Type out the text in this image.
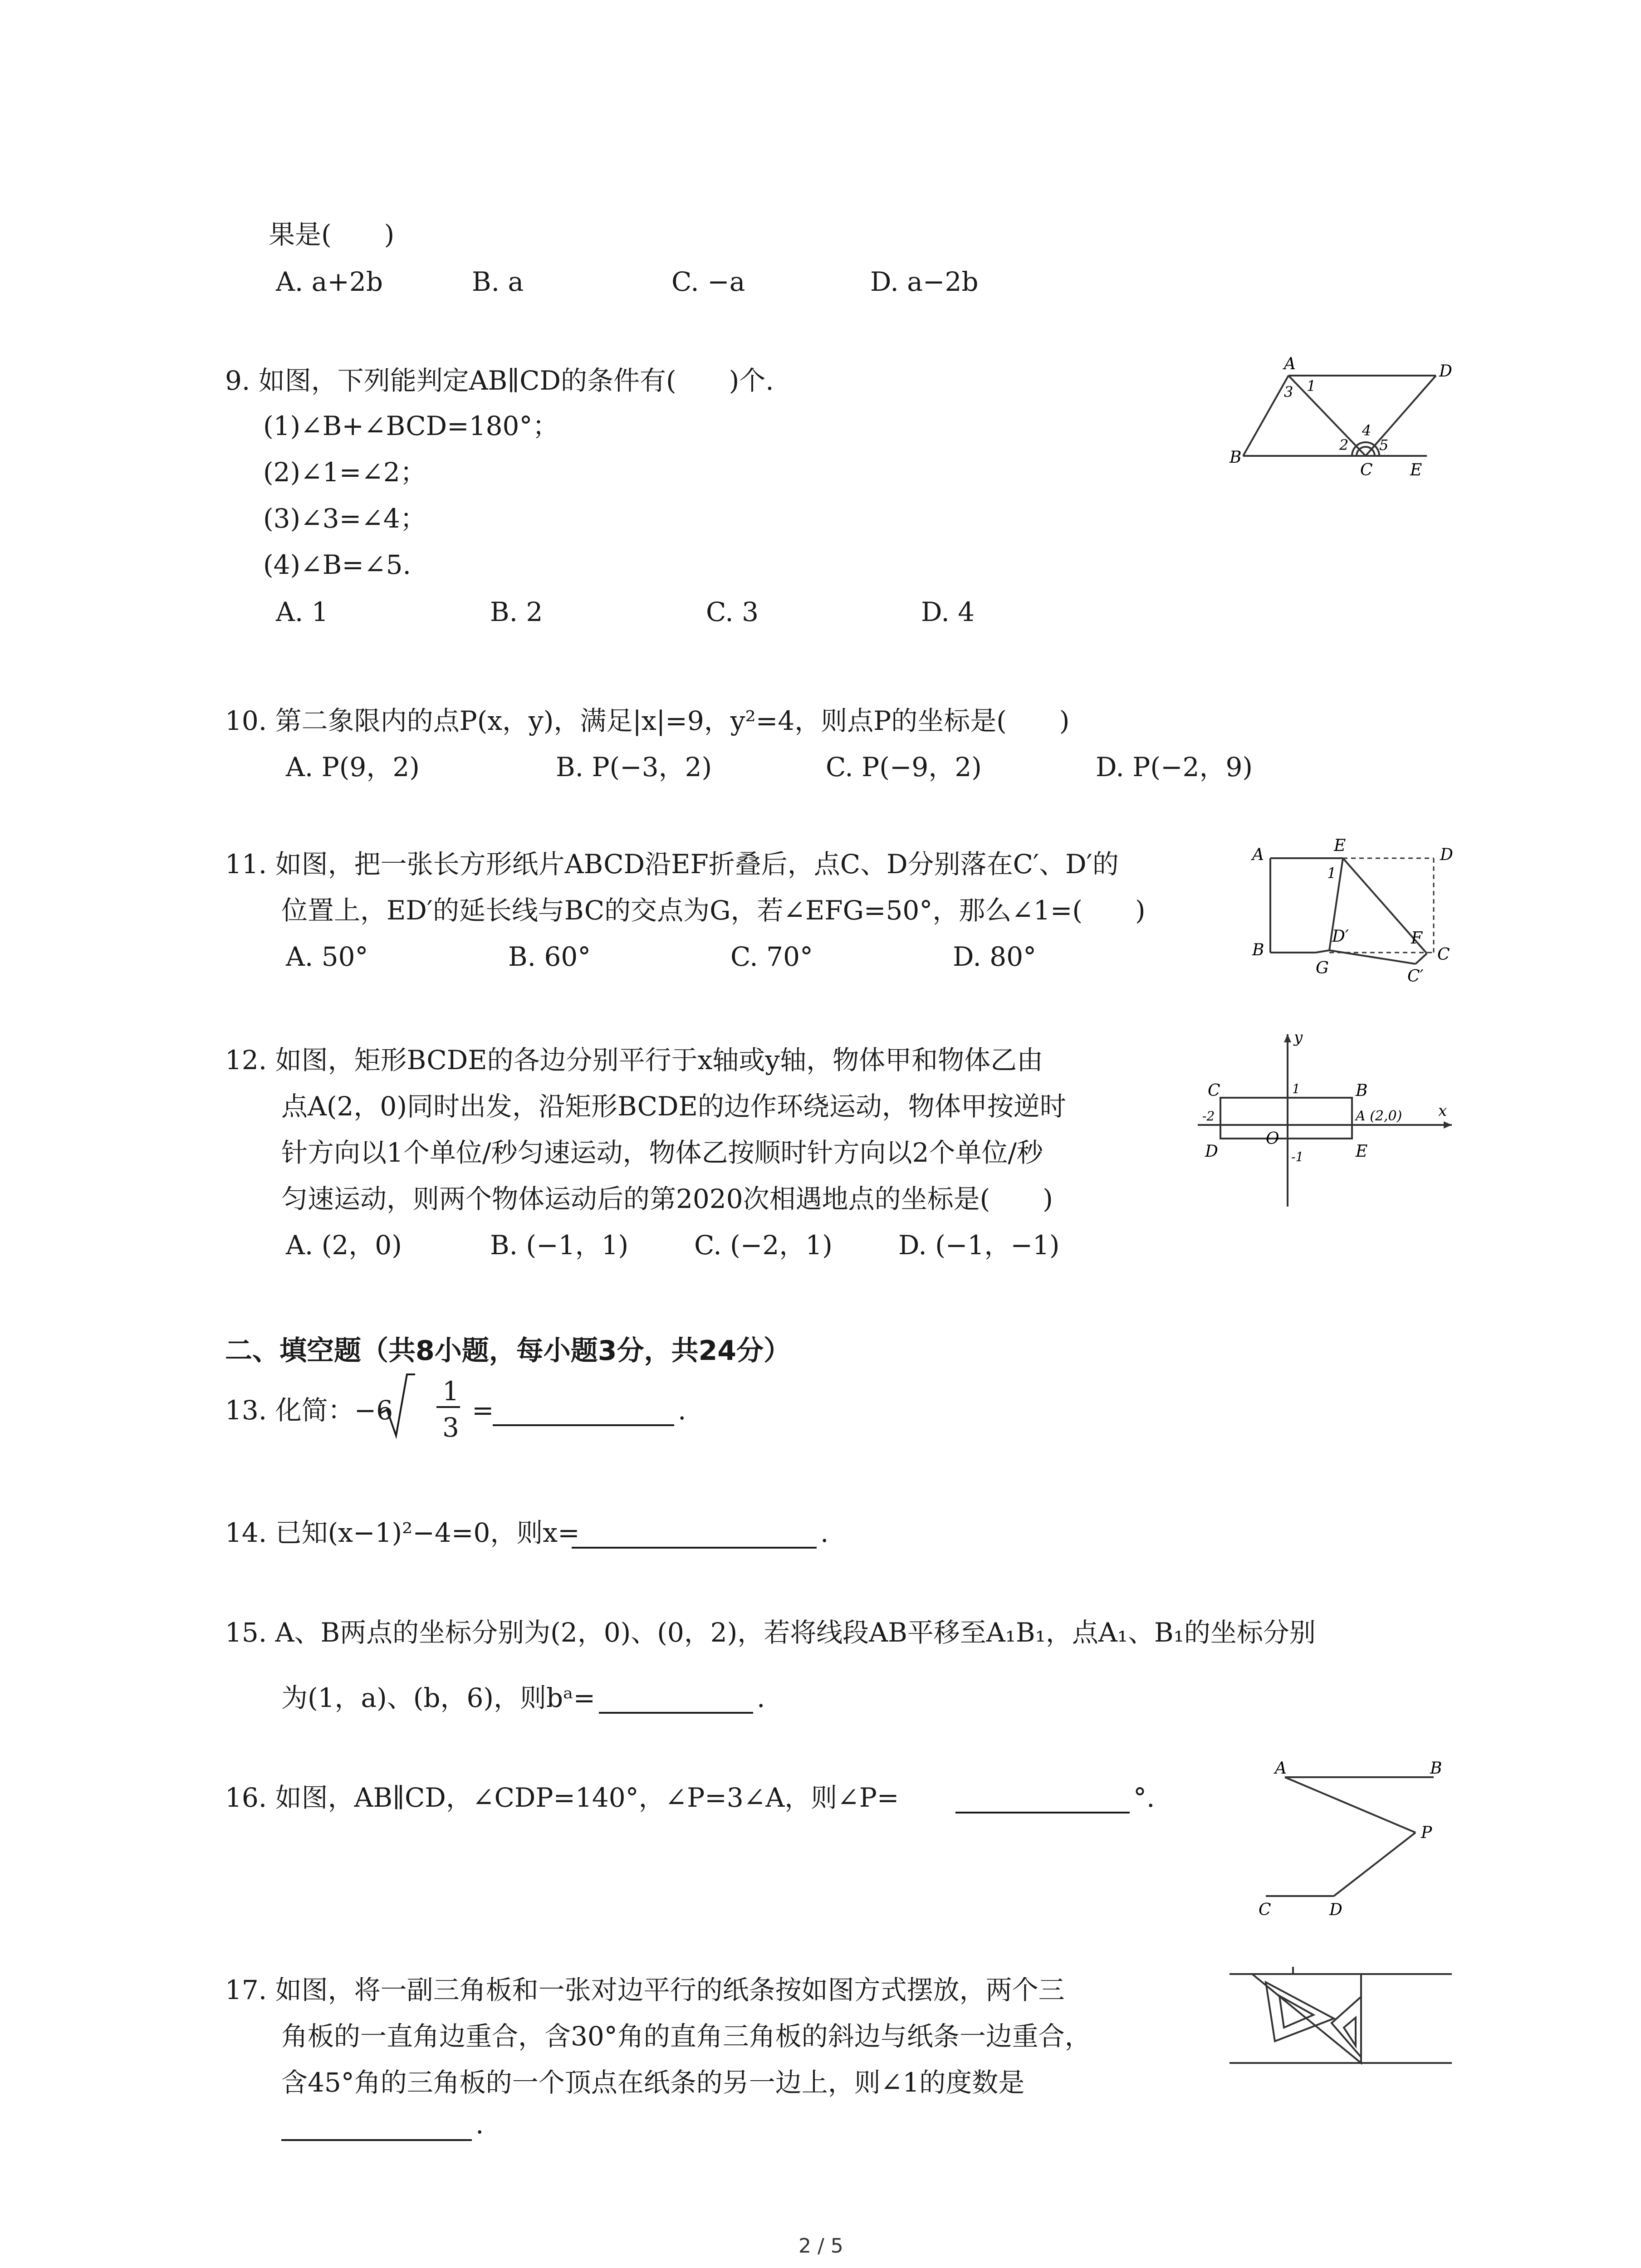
果是(　　)
A. a+2b	B. a	C. −a	D. a−2b
9. 如图，下列能判定AB∥CD的条件有(　　)个.
(1)∠B+∠BCD=180°；
(2)∠1=∠2；
(3)∠3=∠4；
(4)∠B=∠5.
A. 1	B. 2	C. 3	D. 4
A
B
C
D
E
1
2
3
4
5
10. 第二象限内的点P(x，y)，满足|x|=9，y²=4，则点P的坐标是(　　)
A. P(9，2)	B. P(−3，2)	C. P(−9，2)	D. P(−2，9)
11. 如图，把一张长方形纸片ABCD沿EF折叠后，点C、D分别落在C′、D′的
位置上，ED′的延长线与BC的交点为G，若∠EFG=50°，那么∠1=(　　)
A. 50°	B. 60°	C. 70°	D. 80°
A	E	D
1
B
D′	F
C
G	C′
12. 如图，矩形BCDE的各边分别平行于x轴或y轴，物体甲和物体乙由
点A(2，0)同时出发，沿矩形BCDE的边作环绕运动，物体甲按逆时
针方向以1个单位/秒匀速运动，物体乙按顺时针方向以2个单位/秒
匀速运动，则两个物体运动后的第2020次相遇地点的坐标是(　　)
A. (2，0)	B. (−1，1) C. (−2，1)	D. (−1，−1)
y
x
C	B
1
-2	A (2,0)
O
D	E
-1
二、填空题（共8小题，每小题3分，共24分）
13. 化简：−6
1
3
=	.
14. 已知(x−1)²−4=0，则x=	.
15. A、B两点的坐标分别为(2，0)、(0，2)，若将线段AB平移至A₁B₁，点A₁、B₁的坐标分别
为(1，a)、(b，6)，则bᵃ=	.
16. 如图，AB∥CD，∠CDP=140°，∠P=3∠A，则∠P=	°.
A	B
P
C	D
17. 如图，将一副三角板和一张对边平行的纸条按如图方式摆放，两个三
角板的一直角边重合，含30°角的直角三角板的斜边与纸条一边重合，
含45°角的三角板的一个顶点在纸条的另一边上，则∠1的度数是
.
2 / 5
